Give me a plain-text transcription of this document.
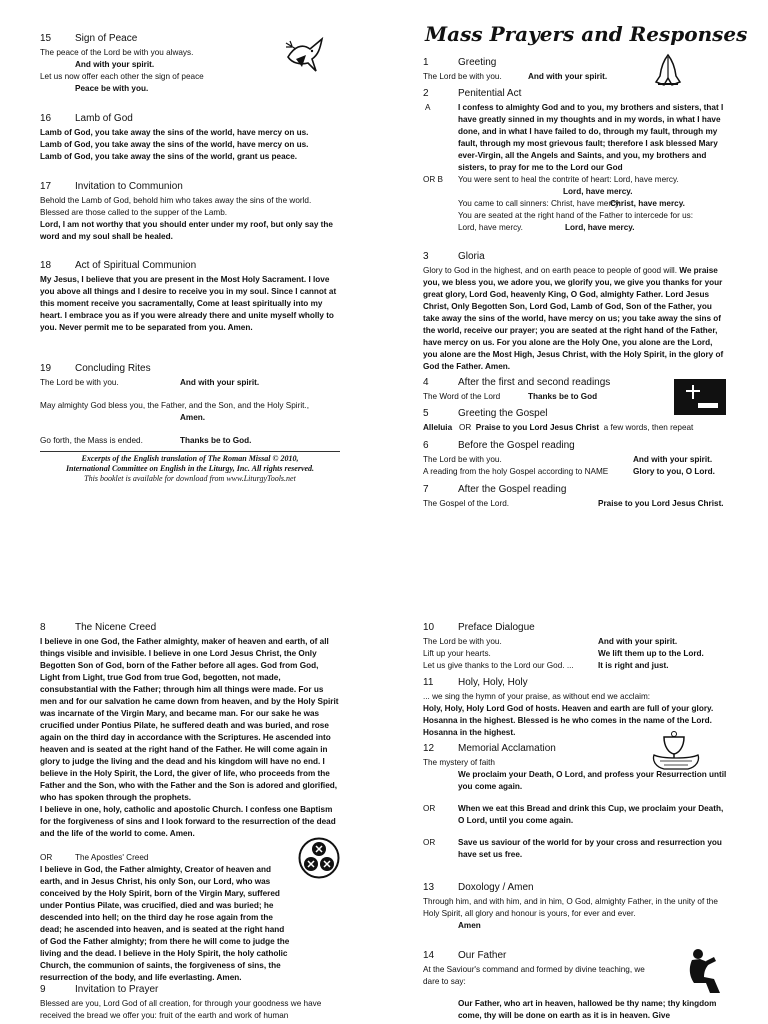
15 Sign of Peace

The peace of the Lord be with you always.

And with your spirit.

Let us now offer each other the sign of peace

Peace be with you.

16 Lamb of God

Lamb of God, you take away the sins of the world, have mercy on us.

Lamb of God, you take away the sins of the world, have mercy on us.

Lamb of God, you take away the sins of the world, grant us peace.

17 Invitation to Communion

Behold the Lamb of God, behold him who takes away the sins of the world.

Blessed are those called to the supper of the Lamb.

Lord, I am not worthy that you should enter under my roof, but only say the word and my soul shall be healed.

18 Act of Spiritual Communion

My Jesus, I believe that you are present in the Most Holy Sacrament. I love you above all things and I desire to receive you in my soul. Since I cannot at this moment receive you sacramentally, Come at least spiritually into my heart. I embrace you as if you were already there and unite myself wholly to you. Never permit me to be separated from you. Amen.

19 Concluding Rites
The Lord be with you.	And with your spirit.

May almighty God bless you, the Father, and the Son, and the Holy Spirit.,

Amen.

Go forth, the Mass is ended.	Thanks be to God.
Excerpts of the English translation of The Roman Missal © 2010,
International Committee on English in the Liturgy, Inc. All rights reserved.
This booklet is available for download from www.LiturgyTools.net
Mass Prayers and Responses
1	Greeting
The Lord be with you.	And with your spirit.
2	Penitential Act
A	I confess to almighty God and to you, my brothers and sisters, that I have greatly sinned in my thoughts and in my words, in what I have done, and in what I have failed to do, through my fault, through my fault, through my most grievous fault; therefore I ask blessed Mary ever-Virgin, all the Angels and Saints, and you, my brothers and sisters, to pray for me to the Lord our God

OR B	You were sent to heal the contrite of heart: Lord, have mercy.

Lord, have mercy.

You came to call sinners: Christ, have mercy.
Christ, have mercy.

You are seated at the right hand of the Father to intercede for us:

Lord, have mercy.	Lord, have mercy.
3	Gloria

Glory to God in the highest, and on earth peace to people of good will. We praise you, we bless you, we adore you, we glorify you, we give you thanks for your great glory, Lord God, heavenly King, O God, almighty Father. Lord Jesus Christ, Only Begotten Son, Lord God, Lamb of God, Son of the Father, you take away the sins of the world, have mercy on us; you take away the sins of the world, receive our prayer; you are seated at the right hand of the Father, have mercy on us. For you alone are the Holy One, you alone are the Lord, you alone are the Most High, Jesus Christ, with the Holy Spirit, in the glory of God the Father. Amen.

4	After the first and second readings
The Word of the Lord	Thanks be to God
5	Greeting the Gospel

Alleluia OR Praise to you Lord Jesus Christ a few words, then repeat

6	Before the Gospel reading
The Lord be with you.	And with your spirit.
A reading from the holy Gospel according to NAME	Glory to you, O Lord.
7	After the Gospel reading
The Gospel of the Lord.	Praise to you Lord Jesus Christ.
8	The Nicene Creed

I believe in one God, the Father almighty, maker of heaven and earth, of all things visible and invisible. I believe in one Lord Jesus Christ, the Only Begotten Son of God, born of the Father before all ages. God from God, Light from Light, true God from true God, begotten, not made, consubstantial with the Father; through him all things were made. For us men and for our salvation he came down from heaven, and by the Holy Spirit was incarnate of the Virgin Mary, and became man. For our sake he was crucified under Pontius Pilate, he suffered death and was buried, and rose again on the third day in accordance with the Scriptures. He ascended into heaven and is seated at the right hand of the Father. He will come again in glory to judge the living and the dead and his kingdom will have no end. I believe in the Holy Spirit, the Lord, the giver of life, who proceeds from the Father and the Son, who with the Father and the Son is adored and glorified, who has spoken through the prophets.

I believe in one, holy, catholic and apostolic Church. I confess one Baptism for the forgiveness of sins and I look forward to the resurrection of the dead and the life of the world to come. Amen.

OR	The Apostles' Creed

I believe in God, the Father almighty, Creator of heaven and earth, and in Jesus Christ, his only Son, our Lord, who was conceived by the Holy Spirit, born of the Virgin Mary, suffered under Pontius Pilate, was crucified, died and was buried; he descended into hell; on the third day he rose again from the dead; he ascended into heaven, and is seated at the right hand of God the Father almighty; from there he will come to judge the living and the dead. I believe in the Holy Spirit, the holy catholic Church, the communion of saints, the forgiveness of sins, the resurrection of the body, and life everlasting. Amen.

9	Invitation to Prayer

Blessed are you, Lord God of all creation, for through your goodness we have received the bread we offer you: fruit of the earth and work of human

10 Preface Dialogue
The Lord be with you.	And with your spirit.
Lift up your hearts.	We lift them up to the Lord.
Let us give thanks to the Lord our God. ...	It is right and just.
11 Holy, Holy, Holy

... we sing the hymn of your praise, as without end we acclaim:

Holy, Holy, Holy Lord God of hosts. Heaven and earth are full of your glory. Hosanna in the highest. Blessed is he who comes in the name of the Lord. Hosanna in the highest.

12 Memorial Acclamation

The mystery of faith

We proclaim your Death, O Lord, and profess your Resurrection until you come again.

OR	When we eat this Bread and drink this Cup, we proclaim your Death, O Lord, until you come again.

OR	Save us saviour of the world for by your cross and resurrection you have set us free.

13 Doxology / Amen

Through him, and with him, and in him, O God, almighty Father, in the unity of the Holy Spirit, all glory and honour is yours, for ever and ever.

Amen

14 Our Father

At the Saviour's command and formed by divine teaching, we dare to say:

Our Father, who art in heaven, hallowed be thy name; thy kingdom come, thy will be done on earth as it is in heaven. Give
